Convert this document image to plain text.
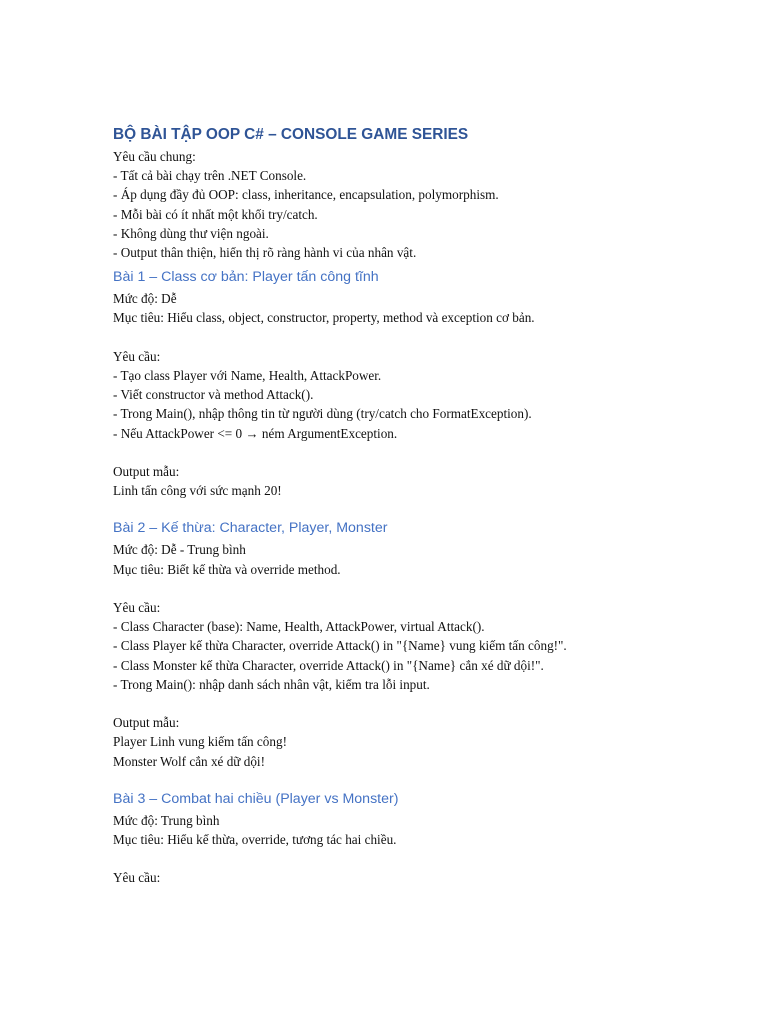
BỘ BÀI TẬP OOP C# – CONSOLE GAME SERIES
Yêu cầu chung:
- Tất cả bài chạy trên .NET Console.
- Áp dụng đầy đủ OOP: class, inheritance, encapsulation, polymorphism.
- Mỗi bài có ít nhất một khối try/catch.
- Không dùng thư viện ngoài.
- Output thân thiện, hiển thị rõ ràng hành vi của nhân vật.
Bài 1 – Class cơ bản: Player tấn công tĩnh
Mức độ: Dễ
Mục tiêu: Hiểu class, object, constructor, property, method và exception cơ bản.
Yêu cầu:
- Tạo class Player với Name, Health, AttackPower.
- Viết constructor và method Attack().
- Trong Main(), nhập thông tin từ người dùng (try/catch cho FormatException).
- Nếu AttackPower <= 0 → ném ArgumentException.
Output mẫu:
Linh tấn công với sức mạnh 20!
Bài 2 – Kế thừa: Character, Player, Monster
Mức độ: Dễ - Trung bình
Mục tiêu: Biết kế thừa và override method.
Yêu cầu:
- Class Character (base): Name, Health, AttackPower, virtual Attack().
- Class Player kế thừa Character, override Attack() in "{Name} vung kiếm tấn công!".
- Class Monster kế thừa Character, override Attack() in "{Name} cắn xé dữ dội!".
- Trong Main(): nhập danh sách nhân vật, kiểm tra lỗi input.
Output mẫu:
Player Linh vung kiếm tấn công!
Monster Wolf cắn xé dữ dội!
Bài 3 – Combat hai chiều (Player vs Monster)
Mức độ: Trung bình
Mục tiêu: Hiểu kế thừa, override, tương tác hai chiều.
Yêu cầu:
